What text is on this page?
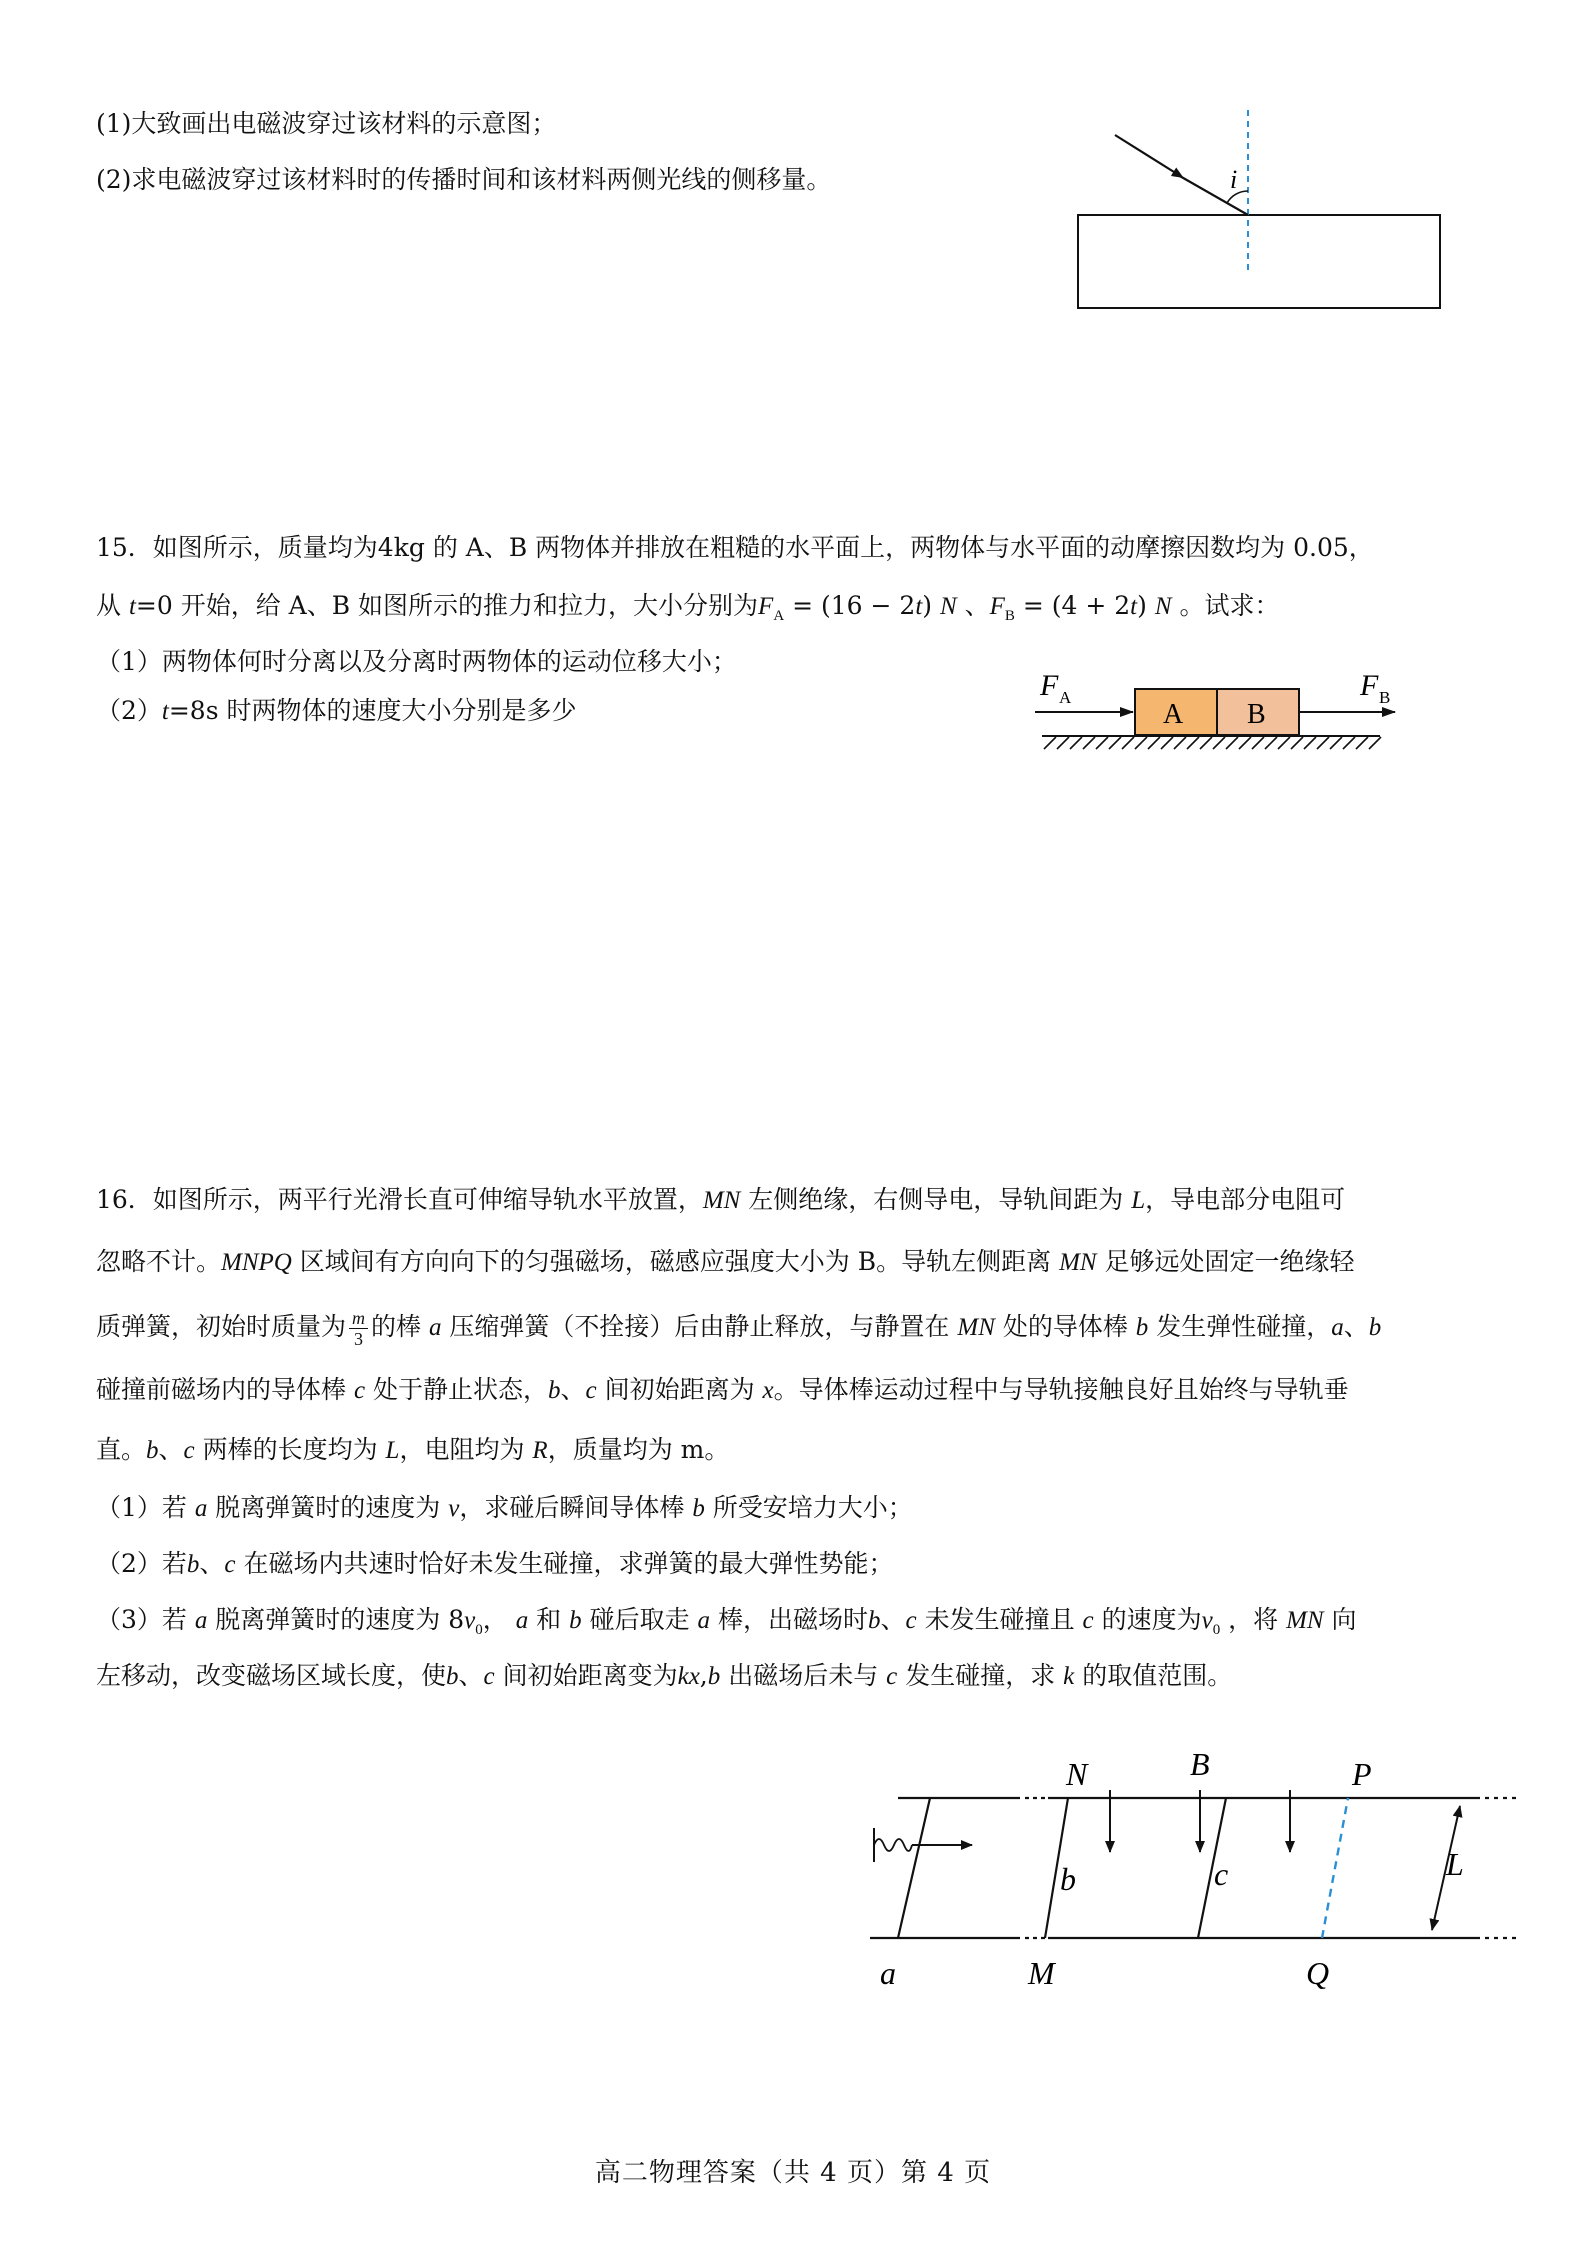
(1)大致画出电磁波穿过该材料的示意图；
(2)求电磁波穿过该材料时的传播时间和该材料两侧光线的侧移量。	i
15．如图所示，质量均为4kg 的 A、B 两物体并排放在粗糙的水平面上，两物体与水平面的动摩擦因数均为 0.05，
从 t=0 开始，给 A、B 如图所示的推力和拉力，大小分别为$F_A = (16 - 2t)$ N 、$F_B = (4 + 2t)$ N 。试求：
（1）两物体何时分离以及分离时两物体的运动位移大小；
（2）t=8s 时两物体的速度大小分别是多少
F A
A B
F B
16．如图所示，两平行光滑长直可伸缩导轨水平放置，MN 左侧绝缘，右侧导电，导轨间距为 L，导电部分电阻可
忽略不计。MNPQ 区域间有方向向下的匀强磁场，磁感应强度大小为 B。导轨左侧距离 MN 足够远处固定一绝缘轻
质弹簧，初始时质量为 $\frac{m}{3}$ 的棒 a 压缩弹簧（不拴接）后由静止释放，与静置在 MN 处的导体棒 b 发生弹性碰撞，a、b
碰撞前磁场内的导体棒 c 处于静止状态，b、c 间初始距离为 x。导体棒运动过程中与导轨接触良好且始终与导轨垂
直。b、c 两棒的长度均为 L，电阻均为 R，质量均为 m。
（1）若 a 脱离弹簧时的速度为 v，求碰后瞬间导体棒 b 所受安培力大小；
（2）若b、c 在磁场内共速时恰好未发生碰撞，求弹簧的最大弹性势能；
（3）若 a 脱离弹簧时的速度为 $8v_0$， a 和 b 碰后取走 a 棒，出磁场时b、c 未发生碰撞且 c 的速度为$v_0$ ，将 MN 向
左移动，改变磁场区域长度，使b、c 间初始距离变为kx,b 出磁场后未与 c 发生碰撞，求 k 的取值范围。
N	B	P
L
b	c
a	M	Q
高二物理答案（共 4 页）第 4 页
